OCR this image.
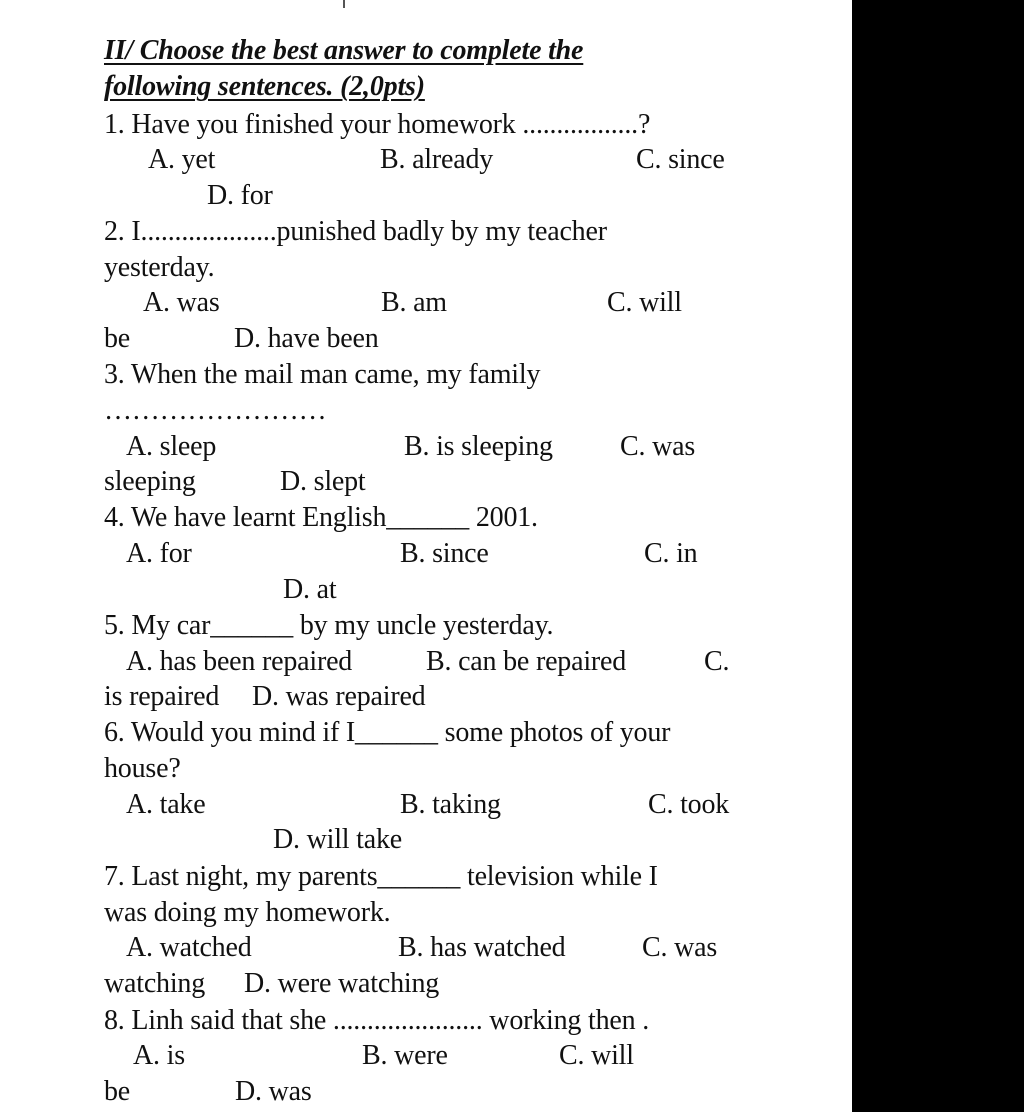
II/ Choose the best answer to complete the
following sentences. (2,0pts)
1. Have you finished your homework .................?
A. yet	B. already	C. since
D. for
2. I....................punished badly by my teacher
yesterday.
A. was	B. am	C. will
be	D. have been
3. When the mail man came, my family
……………………
A. sleep	B. is sleeping C. was
sleeping	D. slept
4. We have learnt English______ 2001.
A. for	B. since	C. in
D. at
5. My car______ by my uncle yesterday.
A. has been repaired	B. can be repaired	C.
is repaired D. was repaired
6. Would you mind if I______ some photos of your
house?
A. take	B. taking	C. took
D. will take
7. Last night, my parents______ television while I
was doing my homework.
A. watched	B. has watched	C. was
watching D. were watching
8. Linh said that she ...................... working then .
A. is	B. were	C. will
be	D. was
